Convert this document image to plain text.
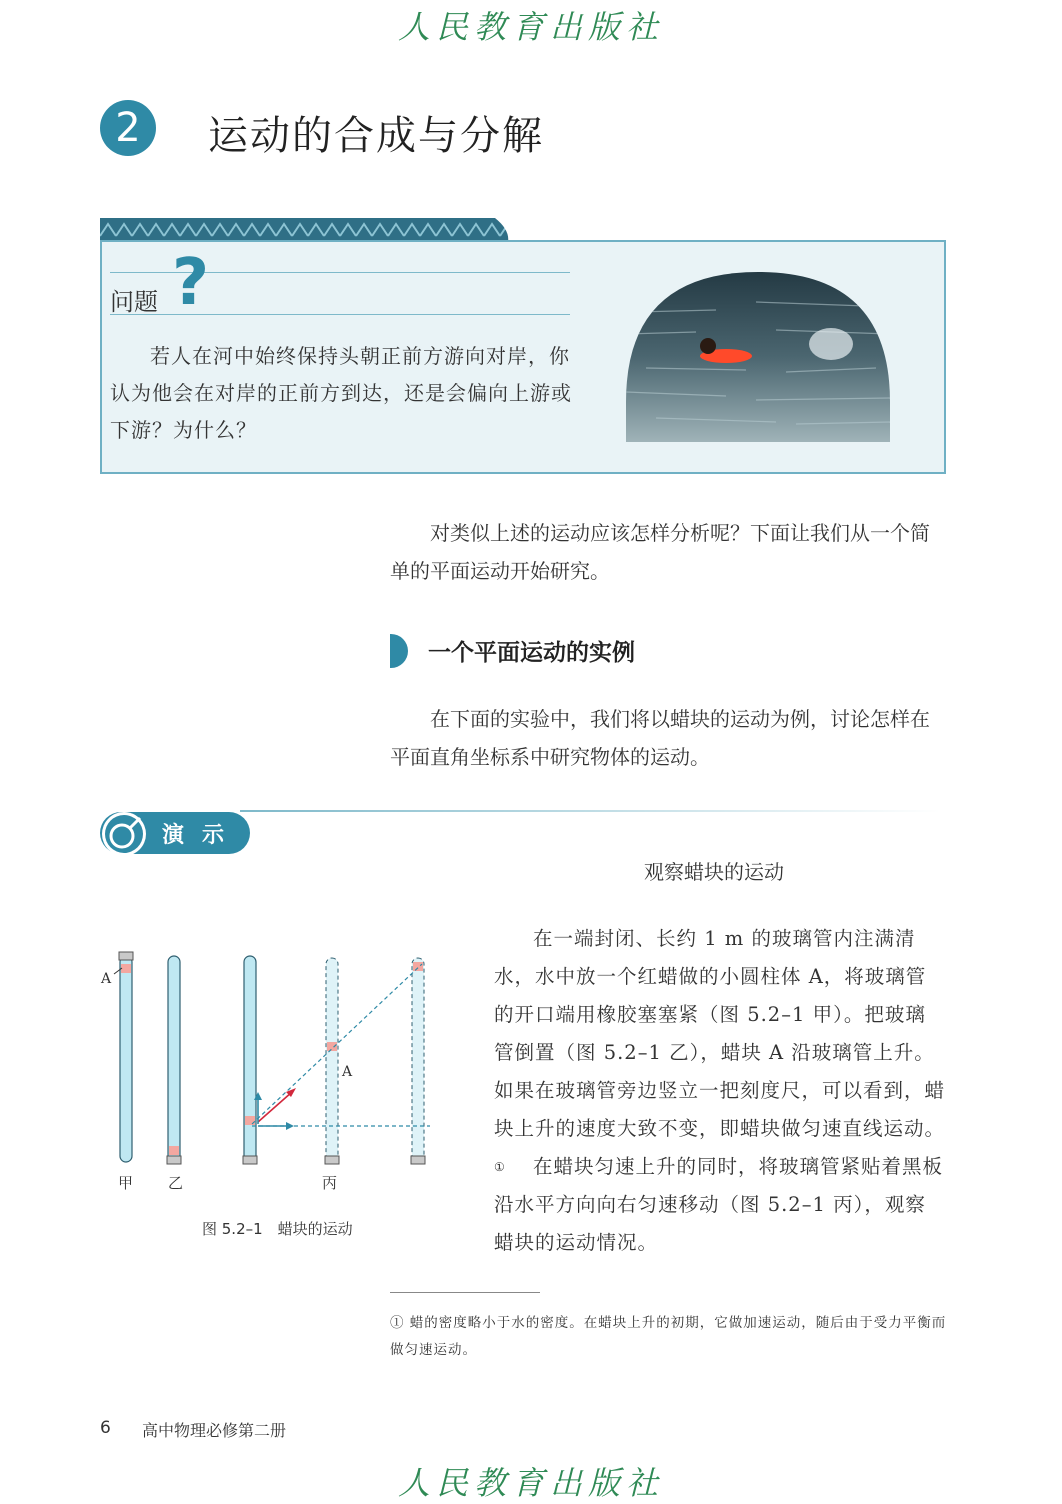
人民教育出版社
2	运动的合成与分解
问题 ?
若人在河中始终保持头朝正前方游向对岸，你认为他会在对岸的正前方到达，还是会偏向上游或下游？为什么？
对类似上述的运动应该怎样分析呢？下面让我们从一个简单的平面运动开始研究。
一个平面运动的实例
在下面的实验中，我们将以蜡块的运动为例，讨论怎样在平面直角坐标系中研究物体的运动。
演示
观察蜡块的运动
在一端封闭、长约 1 m 的玻璃管内注满清水，水中放一个红蜡做的小圆柱体 A，将玻璃管的开口端用橡胶塞塞紧（图 5.2–1 甲）。把玻璃管倒置（图 5.2–1 乙），蜡块 A 沿玻璃管上升。如果在玻璃管旁边竖立一把刻度尺，可以看到，蜡块上升的速度大致不变，即蜡块做匀速直线运动。①	在蜡块匀速上升的同时，将玻璃管紧贴着黑板沿水平方向向右匀速移动（图 5.2–1 丙），观察蜡块的运动情况。
A
A
甲 乙	丙
图 5.2–1　蜡块的运动
① 蜡的密度略小于水的密度。在蜡块上升的初期，它做加速运动，随后由于受力平衡而做匀速运动。
6 高中物理必修第二册
人民教育出版社
